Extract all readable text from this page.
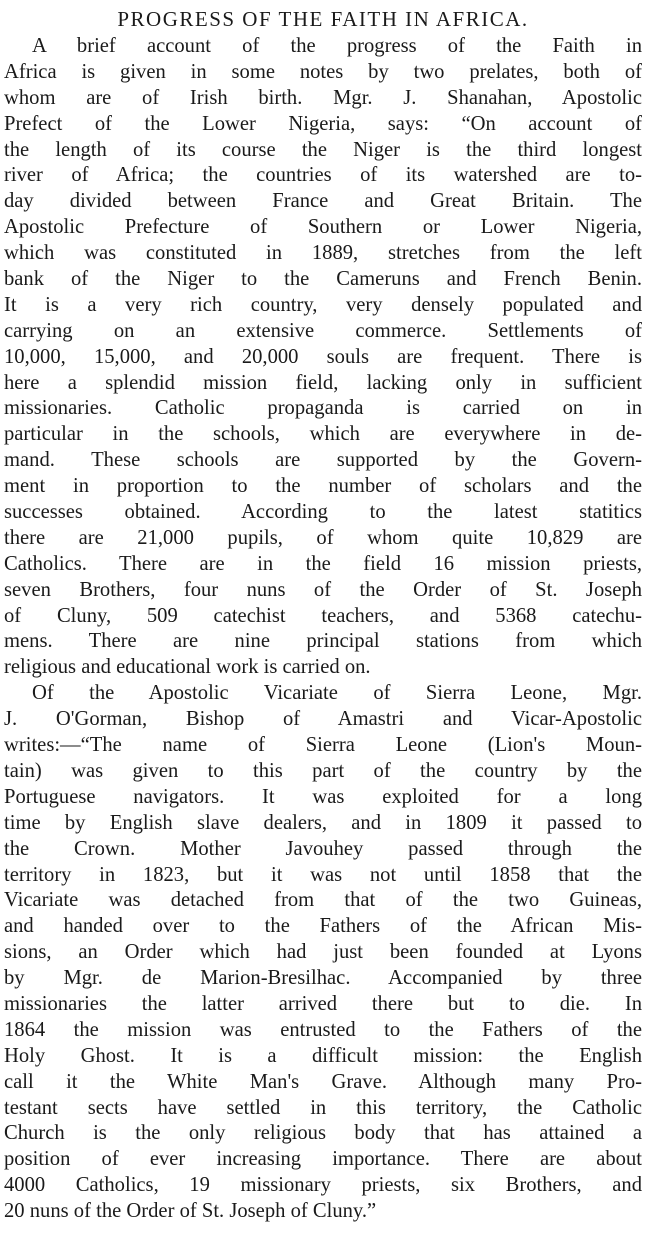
PROGRESS OF THE FAITH IN AFRICA.
A brief account of the progress of the Faith in
Africa is given in some notes by two prelates, both of
whom are of Irish birth. Mgr. J. Shanahan, Apostolic
Prefect of the Lower Nigeria, says: “On account of
the length of its course the Niger is the third longest
river of Africa; the countries of its watershed are to-
day divided between France and Great Britain. The
Apostolic Prefecture of Southern or Lower Nigeria,
which was constituted in 1889, stretches from the left
bank of the Niger to the Cameruns and French Benin.
It is a very rich country, very densely populated and
carrying on an extensive commerce. Settlements of
10,000, 15,000, and 20,000 souls are frequent. There is
here a splendid mission field, lacking only in sufficient
missionaries. Catholic propaganda is carried on in
particular in the schools, which are everywhere in de-
mand. These schools are supported by the Govern-
ment in proportion to the number of scholars and the
successes obtained. According to the latest statitics
there are 21,000 pupils, of whom quite 10,829 are
Catholics. There are in the field 16 mission priests,
seven Brothers, four nuns of the Order of St. Joseph
of Cluny, 509 catechist teachers, and 5368 catechu-
mens. There are nine principal stations from which
religious and educational work is carried on.
Of the Apostolic Vicariate of Sierra Leone, Mgr.
J. O'Gorman, Bishop of Amastri and Vicar-Apostolic
writes:—“The name of Sierra Leone (Lion's Moun-
tain) was given to this part of the country by the
Portuguese navigators. It was exploited for a long
time by English slave dealers, and in 1809 it passed to
the Crown. Mother Javouhey passed through the
territory in 1823, but it was not until 1858 that the
Vicariate was detached from that of the two Guineas,
and handed over to the Fathers of the African Mis-
sions, an Order which had just been founded at Lyons
by Mgr. de Marion-Bresilhac. Accompanied by three
missionaries the latter arrived there but to die. In
1864 the mission was entrusted to the Fathers of the
Holy Ghost. It is a difficult mission: the English
call it the White Man's Grave. Although many Pro-
testant sects have settled in this territory, the Catholic
Church is the only religious body that has attained a
position of ever increasing importance. There are about
4000 Catholics, 19 missionary priests, six Brothers, and
20 nuns of the Order of St. Joseph of Cluny.”
